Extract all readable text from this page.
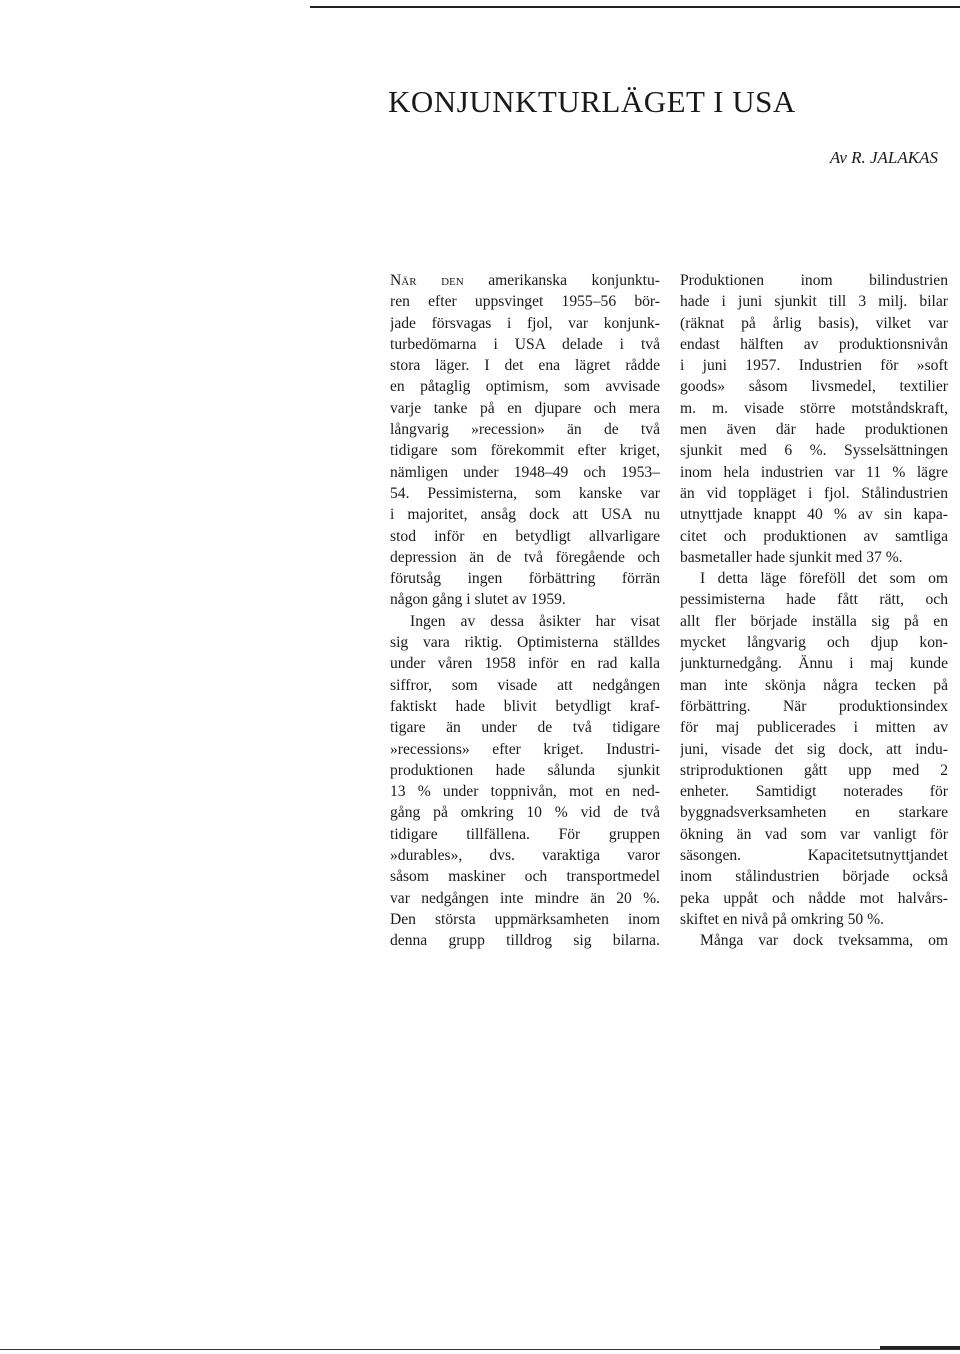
KONJUNKTURLÄGET I USA
Av R. JALAKAS
När den amerikanska konjunktu-
ren efter uppsvinget 1955–56 bör-
jade försvagas i fjol, var konjunk-
turbedömarna i USA delade i två
stora läger. I det ena lägret rådde
en påtaglig optimism, som avvisade
varje tanke på en djupare och mera
långvarig »recession» än de två
tidigare som förekommit efter kriget,
nämligen under 1948–49 och 1953–
54. Pessimisterna, som kanske var
i majoritet, ansåg dock att USA nu
stod inför en betydligt allvarligare
depression än de två föregående och
förutsåg ingen förbättring förrän
någon gång i slutet av 1959.
Ingen av dessa åsikter har visat
sig vara riktig. Optimisterna ställdes
under våren 1958 inför en rad kalla
siffror, som visade att nedgången
faktiskt hade blivit betydligt kraf-
tigare än under de två tidigare
»recessions» efter kriget. Industri-
produktionen hade sålunda sjunkit
13 % under toppnivån, mot en ned-
gång på omkring 10 % vid de två
tidigare tillfällena. För gruppen
»durables», dvs. varaktiga varor
såsom maskiner och transportmedel
var nedgången inte mindre än 20 %.
Den största uppmärksamheten inom
denna grupp tilldrog sig bilarna.
Produktionen inom bilindustrien
hade i juni sjunkit till 3 milj. bilar
(räknat på årlig basis), vilket var
endast hälften av produktionsnivån
i juni 1957. Industrien för »soft
goods» såsom livsmedel, textilier
m. m. visade större motståndskraft,
men även där hade produktionen
sjunkit med 6 %. Sysselsättningen
inom hela industrien var 11 % lägre
än vid toppläget i fjol. Stålindustrien
utnyttjade knappt 40 % av sin kapa-
citet och produktionen av samtliga
basmetaller hade sjunkit med 37 %.
I detta läge föreföll det som om
pessimisterna hade fått rätt, och
allt fler började inställa sig på en
mycket långvarig och djup kon-
junkturnedgång. Ännu i maj kunde
man inte skönja några tecken på
förbättring. När produktionsindex
för maj publicerades i mitten av
juni, visade det sig dock, att indu-
striproduktionen gått upp med 2
enheter. Samtidigt noterades för
byggnadsverksamheten en starkare
ökning än vad som var vanligt för
säsongen. Kapacitetsutnyttjandet
inom stålindustrien började också
peka uppåt och nådde mot halvårs-
skiftet en nivå på omkring 50 %.
Många var dock tveksamma, om
